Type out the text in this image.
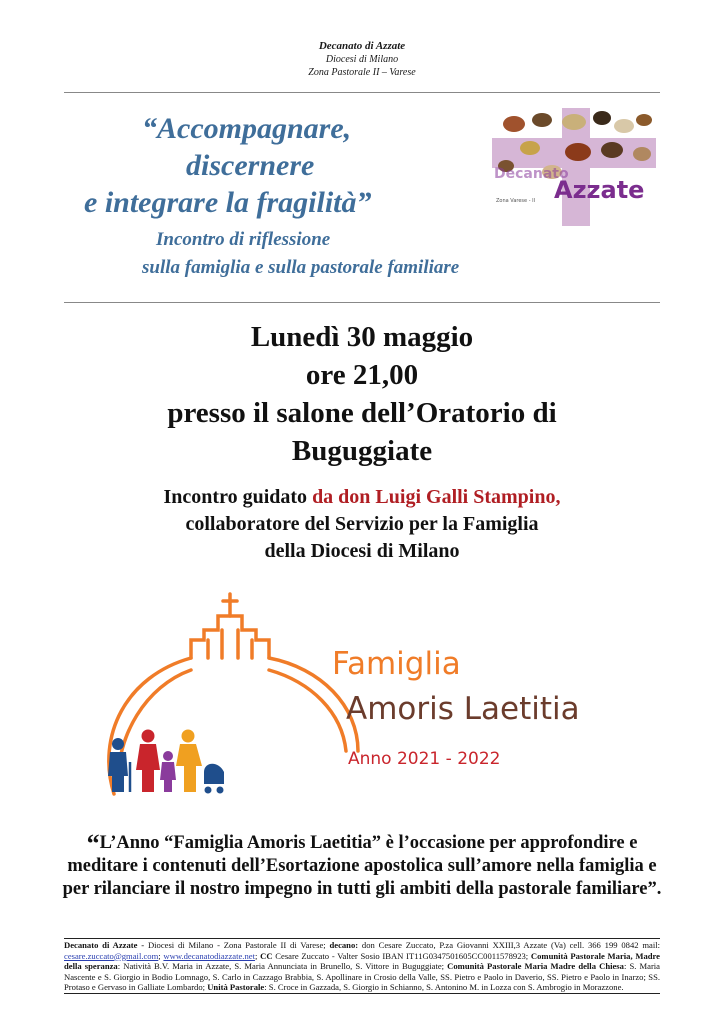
Decanato di Azzate
Diocesi di Milano
Zona Pastorale II – Varese
“Accompagnare,
discernere
e integrare la fragilità”
Incontro di riflessione
sulla famiglia e sulla pastorale familiare
Decanato
Azzate
Zona Varese - II
Lunedì 30 maggio
ore 21,00
presso il salone dell’Oratorio di
Buguggiate
Incontro guidato da don Luigi Galli Stampino,
collaboratore del Servizio per la Famiglia
della Diocesi di Milano
Famiglia
Amoris Laetitia
Anno 2021 - 2022
“L’Anno “Famiglia Amoris Laetitia” è l’occasione per approfondire e meditare i contenuti dell’Esortazione apostolica sull’amore nella famiglia e per rilanciare il nostro impegno in tutti gli ambiti della pastorale familiare”.
Decanato di Azzate - Diocesi di Milano - Zona Pastorale II di Varese; decano: don Cesare Zuccato, P.za Giovanni XXIII,3 Azzate (Va) cell. 366 199 0842 mail: cesare.zuccato@gmail.com; www.decanatodiazzate.net; CC Cesare Zuccato - Valter Sosio IBAN IT11G0347501605CC0011578923; Comunità Pastorale Maria, Madre della speranza: Natività B.V. Maria in Azzate, S. Maria Annunciata in Brunello, S. Vittore in Buguggiate; Comunità Pastorale Maria Madre della Chiesa: S. Maria Nascente e S. Giorgio in Bodio Lomnago, S. Carlo in Cazzago Brabbia, S. Apollinare in Crosio della Valle, SS. Pietro e Paolo in Daverio, SS. Pietro e Paolo in Inarzo; SS. Protaso e Gervaso in Galliate Lombardo; Unità Pastorale: S. Croce in Gazzada, S. Giorgio in Schianno, S. Antonino M. in Lozza con S. Ambrogio in Morazzone.
